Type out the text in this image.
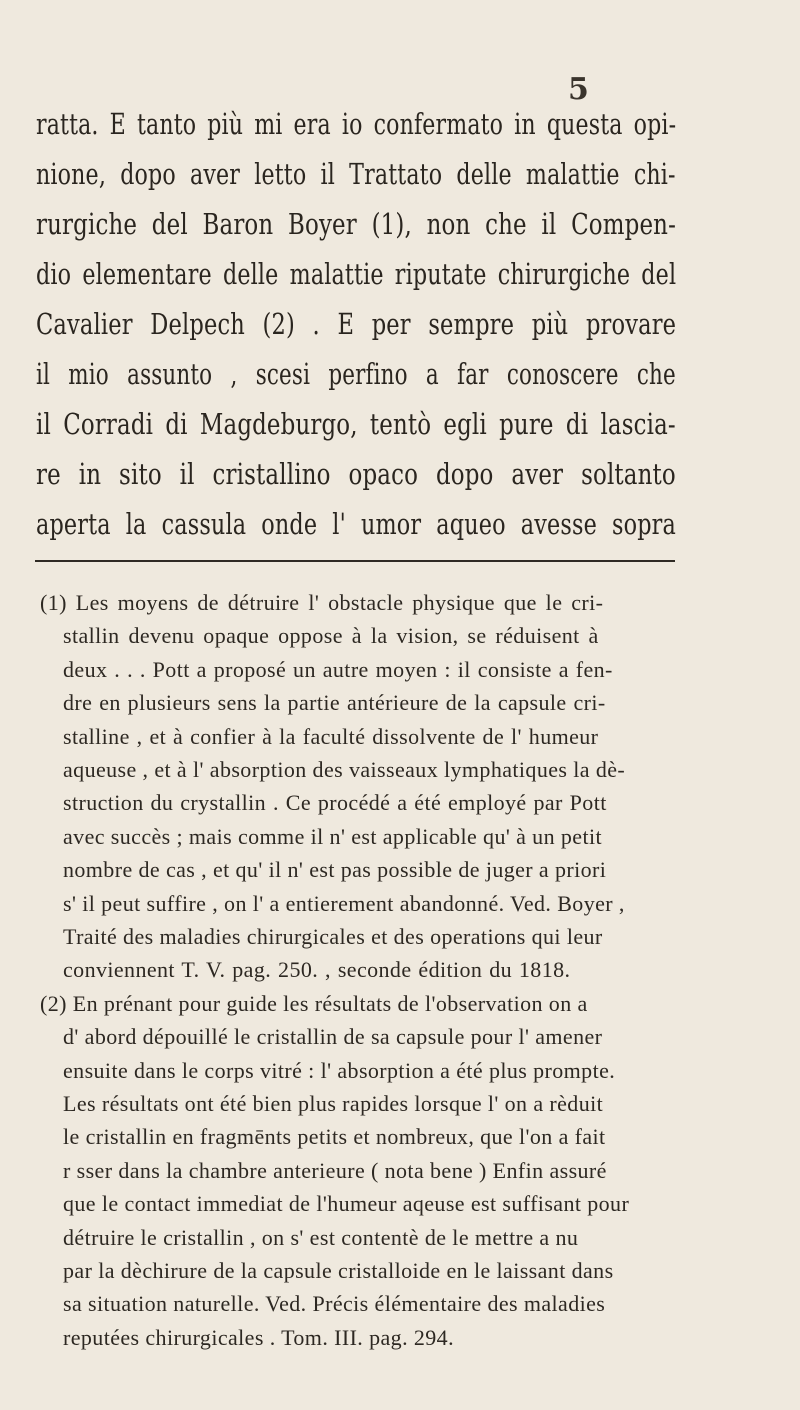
5
ratta. E tanto più mi era io confermato in questa opi-
nione, dopo aver letto il Trattato delle malattie chi-
rurgiche del Baron Boyer (1), non che il Compen-
dio elementare delle malattie riputate chirurgiche del
Cavalier Delpech (2) . E per sempre più provare
il mio assunto , scesi perfino a far conoscere che
il Corradi di Magdeburgo, tentò egli pure di lascia-
re in sito il cristallino opaco dopo aver soltanto
aperta la cassula onde l' umor aqueo avesse sopra
(1) Les moyens de détruire l' obstacle physique que le cri-
stallin devenu opaque oppose à la vision, se réduisent à
deux . . . Pott a proposé un autre moyen : il consiste a fen-
dre en plusieurs sens la partie antérieure de la capsule cri-
stalline , et à confier à la faculté dissolvente de l' humeur
aqueuse , et à l' absorption des vaisseaux lymphatiques la dè-
struction du crystallin . Ce procédé a été employé par Pott
avec succès ; mais comme il n' est applicable qu' à un petit
nombre de cas , et qu' il n' est pas possible de juger a priori
s' il peut suffire , on l' a entierement abandonné. Ved. Boyer ,
Traité des maladies chirurgicales et des operations qui leur
conviennent T. V. pag. 250. , seconde édition du 1818.
(2) En prénant pour guide les résultats de l'observation on a
d' abord dépouillé le cristallin de sa capsule pour l' amener
ensuite dans le corps vitré : l' absorption a été plus prompte.
Les résultats ont été bien plus rapides lorsque l' on a rèduit
le cristallin en fragmēnts petits et nombreux, que l'on a fait
r sser dans la chambre anterieure ( nota bene ) Enfin assuré
que le contact immediat de l'humeur aqeuse est suffisant pour
détruire le cristallin , on s' est contentè de le mettre a nu
par la dèchirure de la capsule cristalloide en le laissant dans
sa situation naturelle. Ved. Précis élémentaire des maladies
reputées chirurgicales . Tom. III. pag. 294.
